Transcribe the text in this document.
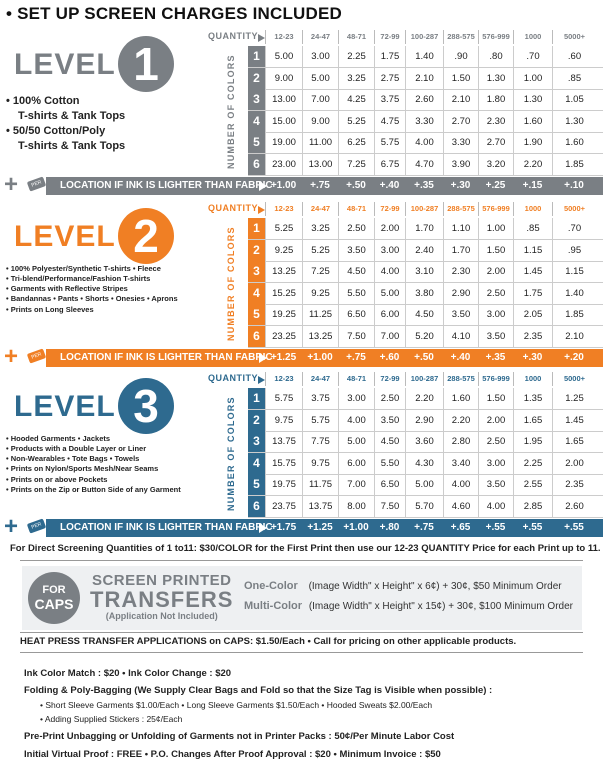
• SET UP SCREEN CHARGES INCLUDED
QUANTITY	12-23	24-47	48-71	72-99	100-287	288-575 576-999	1000	5000+
LEVEL 1
• 100% Cotton
T-shirts & Tank Tops
• 50/50 Cotton/Poly
T-shirts & Tank Tops	NUMBER OF COLORS	1	5.00	3.00	2.25	1.75	1.40	.90	.80	.70	.60
2	9.00	5.00	3.25	2.75	2.10	1.50	1.30	1.00	.85
3	13.00	7.00	4.25	3.75	2.60	2.10	1.80	1.30	1.05
4	15.00	9.00	5.25	4.75	3.30	2.70	2.30	1.60	1.30
5	19.00	11.00	6.25	5.75	4.00	3.30	2.70	1.90	1.60
6	23.00	13.00	7.25	6.75	4.70	3.90	3.20	2.20	1.85
+	PER	LOCATION IF INK IS LIGHTER THAN FABRIC
+1.00	+.75	+.50	+.40	+.35	+.30	+.25	+.15	+.10
QUANTITY	12-23	24-47	48-71	72-99	100-287	288-575 576-999	1000	5000+
LEVEL 2
• 100% Polyester/Synthetic T-shirts • Fleece
• Tri-blend/Performance/Fashion T-shirts
• Garments with Reflective Stripes
• Bandannas • Pants • Shorts • Onesies • Aprons
• Prints on Long Sleeves	NUMBER OF COLORS	1	5.25	3.25	2.50	2.00	1.70	1.10	1.00	.85	.70
2	9.25	5.25	3.50	3.00	2.40	1.70	1.50	1.15	.95
3	13.25	7.25	4.50	4.00	3.10	2.30	2.00	1.45	1.15
4	15.25	9.25	5.50	5.00	3.80	2.90	2.50	1.75	1.40
5	19.25	11.25	6.50	6.00	4.50	3.50	3.00	2.05	1.85
6	23.25	13.25	7.50	7.00	5.20	4.10	3.50	2.35	2.10
+	PER	LOCATION IF INK IS LIGHTER THAN FABRIC
+1.25	+1.00	+.75	+.60	+.50	+.40	+.35	+.30	+.20
QUANTITY	12-23	24-47	48-71	72-99	100-287	288-575 576-999	1000	5000+
LEVEL 3
• Hooded Garments • Jackets
• Products with a Double Layer or Liner
• Non-Wearables • Tote Bags • Towels
• Prints on Nylon/Sports Mesh/Near Seams
• Prints on or above Pockets
• Prints on the Zip or Button Side of any Garment	NUMBER OF COLORS	1	5.75	3.75	3.00	2.50	2.20	1.60	1.50	1.35	1.25
2	9.75	5.75	4.00	3.50	2.90	2.20	2.00	1.65	1.45
3	13.75	7.75	5.00	4.50	3.60	2.80	2.50	1.95	1.65
4	15.75	9.75	6.00	5.50	4.30	3.40	3.00	2.25	2.00
5	19.75	11.75	7.00	6.50	5.00	4.00	3.50	2.55	2.35
6	23.75	13.75	8.00	7.50	5.70	4.60	4.00	2.85	2.60
+	PER	LOCATION IF INK IS LIGHTER THAN FABRIC
+1.75	+1.25	+1.00	+.80	+.75	+.65	+.55	+.55	+.55
For Direct Screening Quantities of 1 to11: $30/COLOR for the First Print then use our 12-23 QUANTITY Price for each Print up to 11.
FOR
CAPS
SCREEN PRINTED
TRANSFERS
(Application Not Included)
One-Color (Image Width" x Height" x 6¢) + 30¢, $50 Minimum Order
Multi-Color (Image Width" x Height" x 15¢) + 30¢, $100 Minimum Order
HEAT PRESS TRANSFER APPLICATIONS on CAPS: $1.50/Each • Call for pricing on other applicable products.
Ink Color Match : $20 • Ink Color Change : $20
Folding & Poly-Bagging (We Supply Clear Bags and Fold so that the Size Tag is Visible when possible) :
• Short Sleeve Garments $1.00/Each • Long Sleeve Garments $1.50/Each • Hooded Sweats $2.00/Each
• Adding Supplied Stickers : 25¢/Each
Pre-Print Unbagging or Unfolding of Garments not in Printer Packs : 50¢/Per Minute Labor Cost
Initial Virtual Proof : FREE • P.O. Changes After Proof Approval : $20 • Minimum Invoice : $50
